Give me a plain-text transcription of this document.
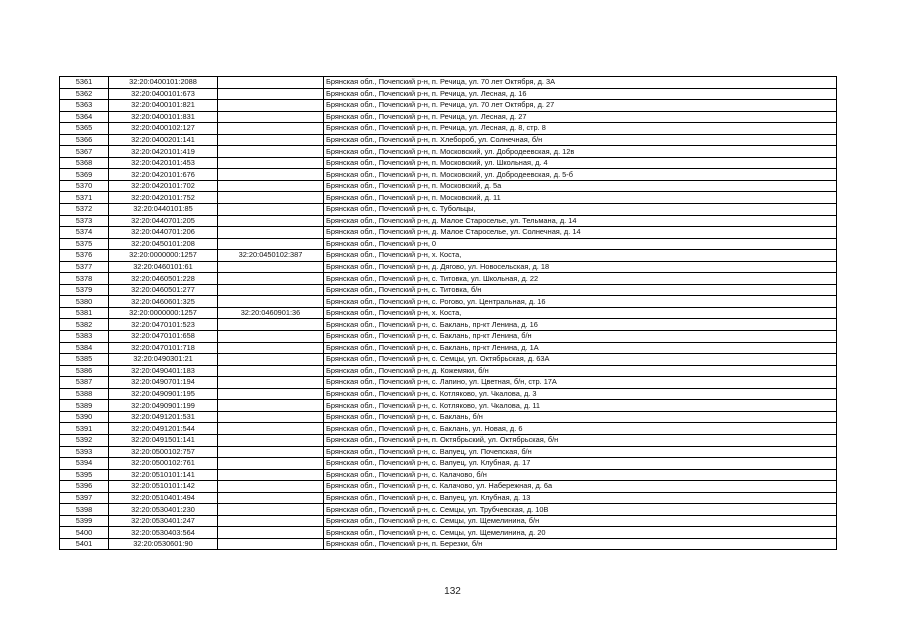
5361	32:20:0400101:2088		Брянская обл., Почепский р-н, п. Речица, ул. 70 лет Октября, д. 3А
5362	32:20:0400101:673		Брянская обл., Почепский р-н, п. Речица, ул. Лесная, д. 16
5363	32:20:0400101:821		Брянская обл., Почепский р-н, п. Речица, ул. 70 лет Октября, д. 27
5364	32:20:0400101:831		Брянская обл., Почепский р-н, п. Речица, ул. Лесная, д. 27
5365	32:20:0400102:127		Брянская обл., Почепский р-н, п. Речица, ул. Лесная, д. 8, стр. 8
5366	32:20:0400201:141		Брянская обл., Почепский р-н, п. Хлебороб, ул. Солнечная, б/н
5367	32:20:0420101:419		Брянская обл., Почепский р-н, п. Московский, ул. Добродеевская, д. 12в
5368	32:20:0420101:453		Брянская обл., Почепский р-н, п. Московский, ул. Школьная, д. 4
5369	32:20:0420101:676		Брянская обл., Почепский р-н, п. Московский, ул. Добродеевская, д. 5-б
5370	32:20:0420101:702		Брянская обл., Почепский р-н, п. Московский, д. 5а
5371	32:20:0420101:752		Брянская обл., Почепский р-н, п. Московский, д. 11
5372	32:20:0440101:85		Брянская обл., Почепский р-н, с. Тубольцы,
5373	32:20:0440701:205		Брянская обл., Почепский р-н, д. Малое Староселье, ул. Тельмана, д. 14
5374	32:20:0440701:206		Брянская обл., Почепский р-н, д. Малое Староселье, ул. Солнечная, д. 14
5375	32:20:0450101:208		Брянская обл., Почепский р-н, 0
5376	32:20:0000000:1257	32:20:0450102:387	Брянская обл., Почепский р-н, х. Коста,
5377	32:20:0460101:61		Брянская обл., Почепский р-н, д. Дягово, ул. Новосельская, д. 18
5378	32:20:0460501:228		Брянская обл., Почепский р-н, с. Титовка, ул. Школьная, д. 22
5379	32:20:0460501:277		Брянская обл., Почепский р-н, с. Титовка, б/н
5380	32:20:0460601:325		Брянская обл., Почепский р-н, с. Рогово, ул. Центральная, д. 16
5381	32:20:0000000:1257	32:20:0460901:36	Брянская обл., Почепский р-н, х. Коста,
5382	32:20:0470101:523		Брянская обл., Почепский р-н, с. Баклань, пр-кт Ленина, д. 16
5383	32:20:0470101:658		Брянская обл., Почепский р-н, с. Баклань, пр-кт Ленина, б/н
5384	32:20:0470101:718		Брянская обл., Почепский р-н, с. Баклань, пр-кт Ленина, д. 1А
5385	32:20:0490301:21		Брянская обл., Почепский р-н, с. Семцы, ул. Октябрьская, д. 63А
5386	32:20:0490401:183		Брянская обл., Почепский р-н, д. Кожемяки, б/н
5387	32:20:0490701:194		Брянская обл., Почепский р-н, с. Лапино, ул. Цветная, б/н, стр. 17А
5388	32:20:0490901:195		Брянская обл., Почепский р-н, с. Котляково, ул. Чкалова, д. 3
5389	32:20:0490901:199		Брянская обл., Почепский р-н, с. Котляково, ул. Чкалова, д. 11
5390	32:20:0491201:531		Брянская обл., Почепский р-н, с. Баклань, б/н
5391	32:20:0491201:544		Брянская обл., Почепский р-н, с. Баклань, ул. Новая, д. 6
5392	32:20:0491501:141		Брянская обл., Почепский р-н, п. Октябрьский, ул. Октябрьская, б/н
5393	32:20:0500102:757		Брянская обл., Почепский р-н, с. Вапуец, ул. Почепская, б/н
5394	32:20:0500102:761		Брянская обл., Почепский р-н, с. Вапуец, ул. Клубная, д. 17
5395	32:20:0510101:141		Брянская обл., Почепский р-н, с. Калачово, б/н
5396	32:20:0510101:142		Брянская обл., Почепский р-н, с. Калачово, ул. Набережная, д. 6а
5397	32:20:0510401:494		Брянская обл., Почепский р-н, с. Вапуец, ул. Клубная, д. 13
5398	32:20:0530401:230		Брянская обл., Почепский р-н, с. Семцы, ул. Трубчевская, д. 10В
5399	32:20:0530401:247		Брянская обл., Почепский р-н, с. Семцы, ул. Щемелинина, б/н
5400	32:20:0530403:564		Брянская обл., Почепский р-н, с. Семцы, ул. Щемелинина, д. 20
5401	32:20:0530601:90		Брянская обл., Почепский р-н, п. Березки, б/н
132
